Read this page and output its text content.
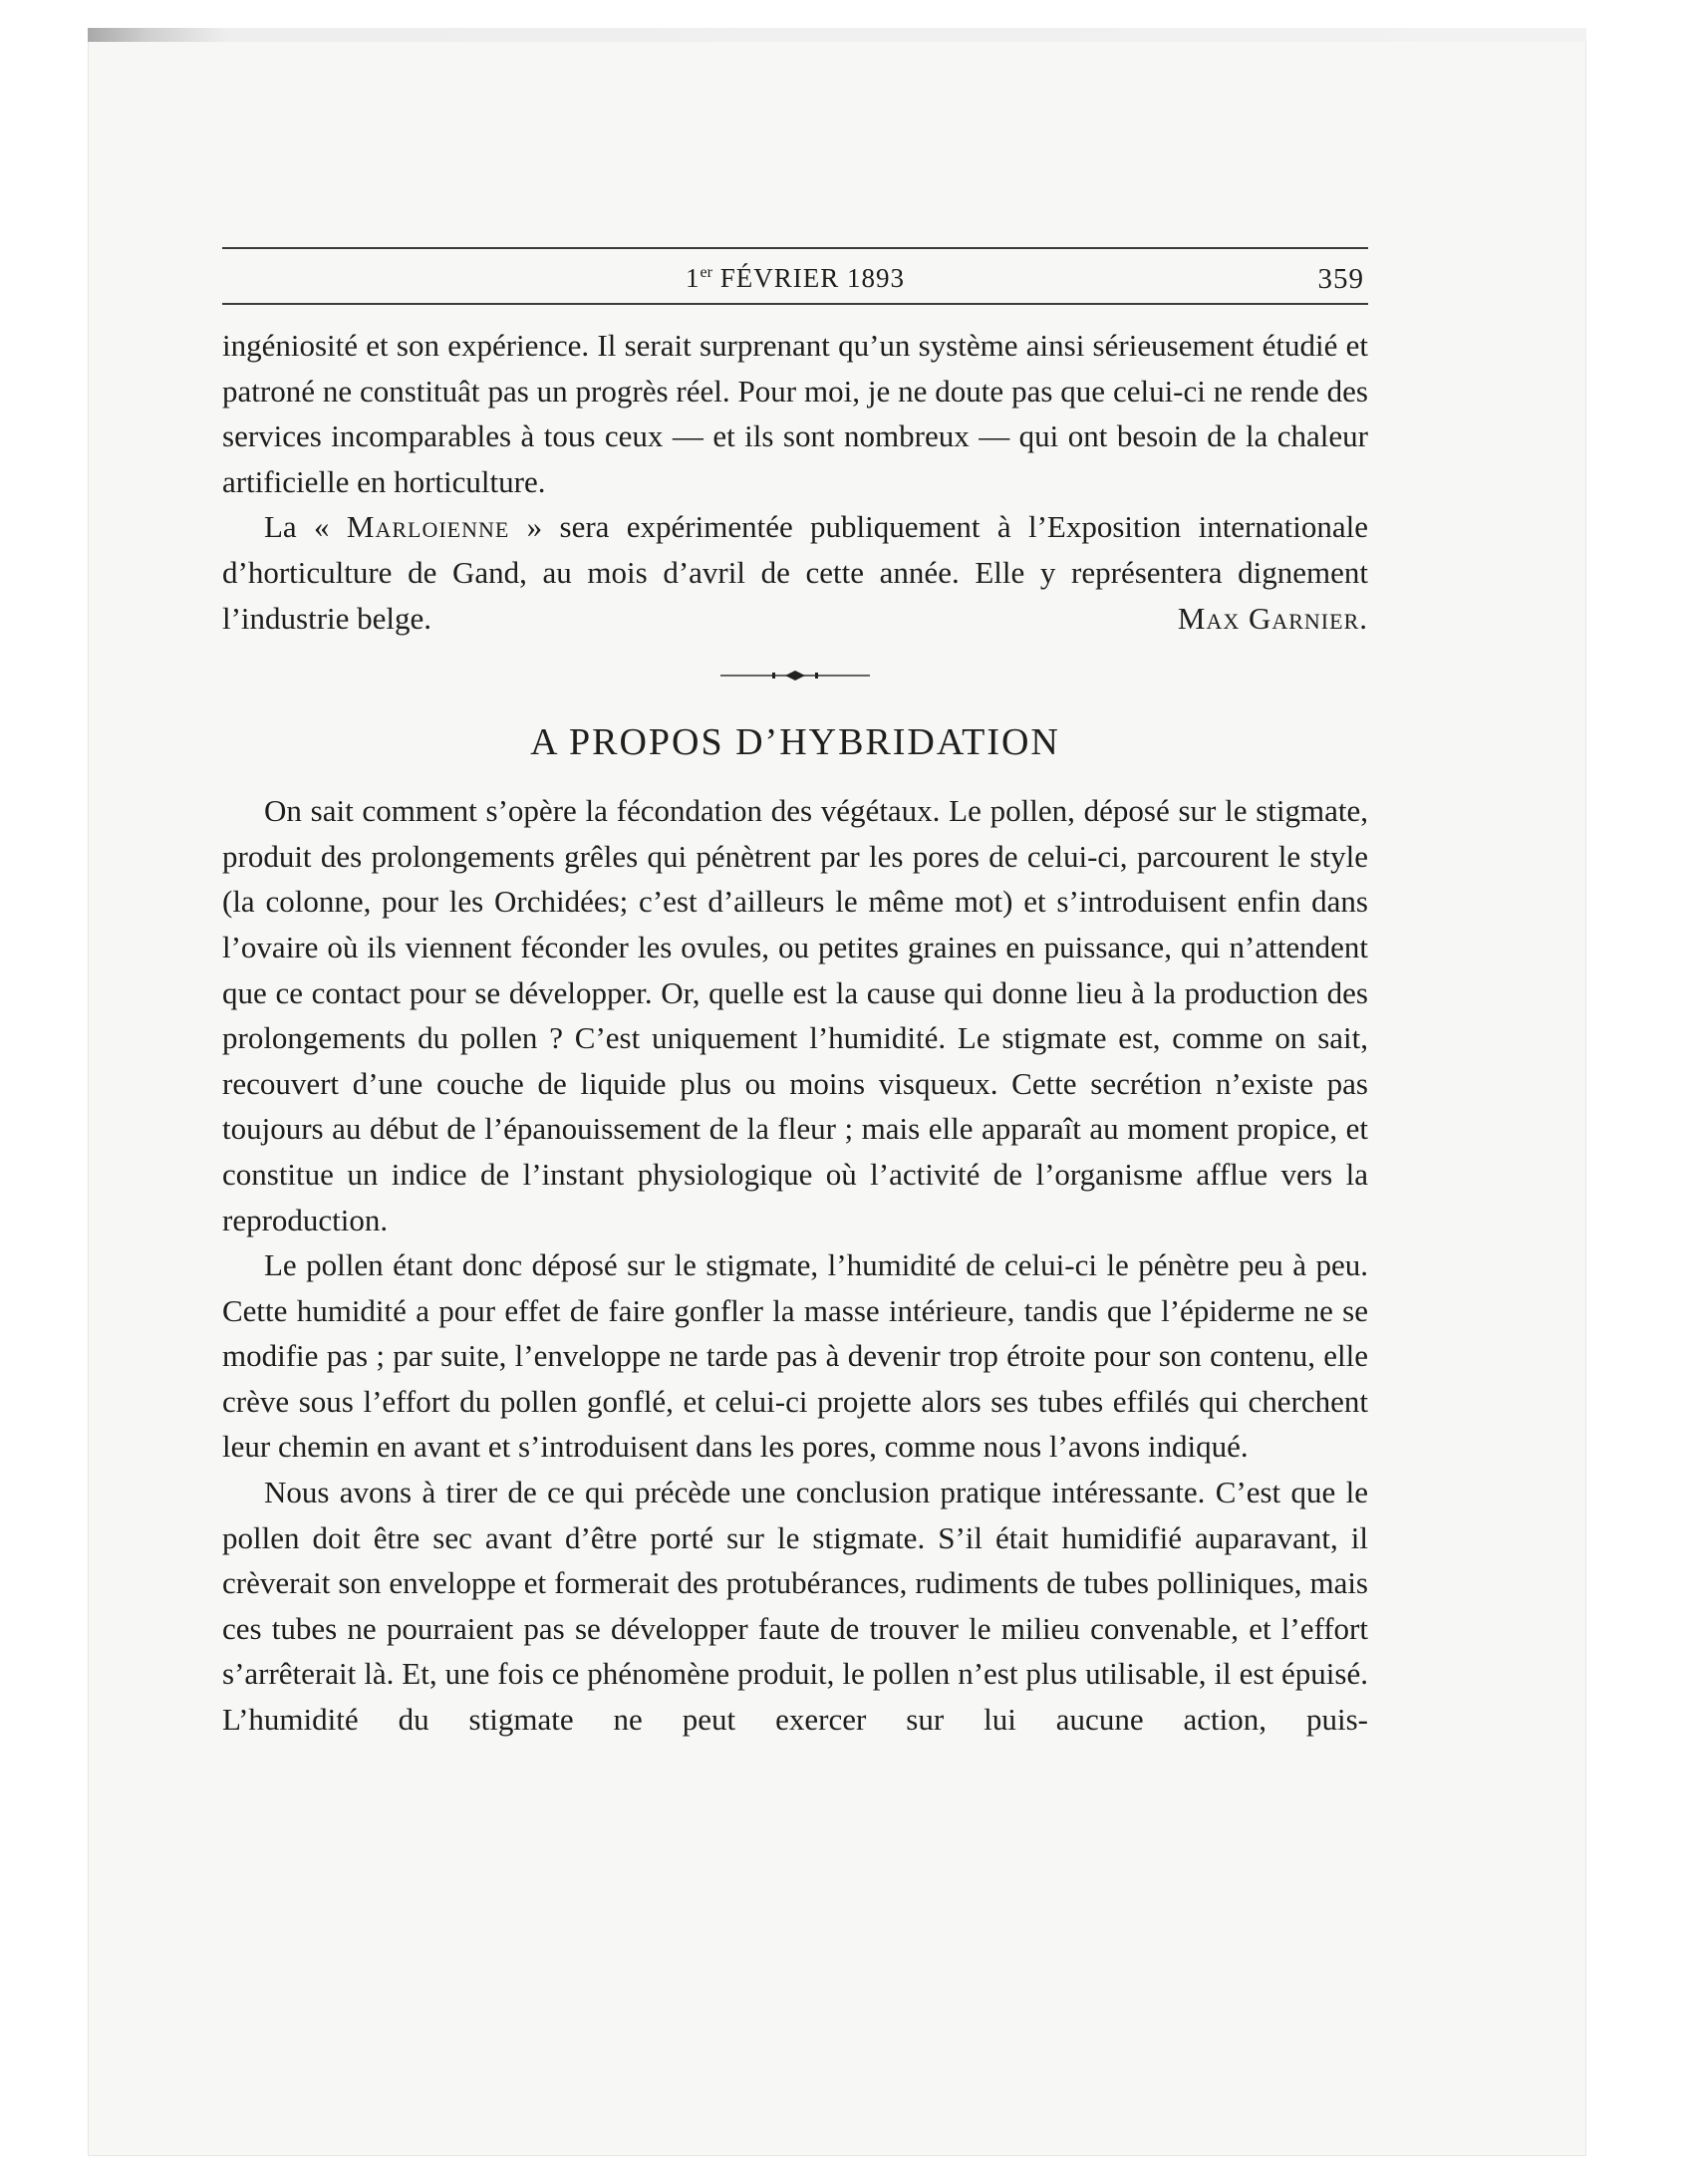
1er FÉVRIER 1893	359

ingéniosité et son expérience. Il serait surprenant qu’un système ainsi sérieusement étudié et patroné ne constituât pas un progrès réel. Pour moi, je ne doute pas que celui-ci ne rende des services incomparables à tous ceux — et ils sont nombreux — qui ont besoin de la chaleur artificielle en horticulture.

La « Marloienne » sera expérimentée publiquement à l’Exposition internationale d’horticulture de Gand, au mois d’avril de cette année. Elle y représentera dignement l’industrie belge.	Max Garnier.

A PROPOS D’HYBRIDATION

On sait comment s’opère la fécondation des végétaux. Le pollen, déposé sur le stigmate, produit des prolongements grêles qui pénètrent par les pores de celui-ci, parcourent le style (la colonne, pour les Orchidées; c’est d’ailleurs le même mot) et s’introduisent enfin dans l’ovaire où ils viennent féconder les ovules, ou petites graines en puissance, qui n’attendent que ce contact pour se développer. Or, quelle est la cause qui donne lieu à la production des prolongements du pollen ? C’est uniquement l’humidité. Le stigmate est, comme on sait, recouvert d’une couche de liquide plus ou moins visqueux. Cette secrétion n’existe pas toujours au début de l’épanouissement de la fleur ; mais elle apparaît au moment propice, et constitue un indice de l’instant physiologique où l’activité de l’organisme afflue vers la reproduction.

Le pollen étant donc déposé sur le stigmate, l’humidité de celui-ci le pénètre peu à peu. Cette humidité a pour effet de faire gonfler la masse intérieure, tandis que l’épiderme ne se modifie pas ; par suite, l’enveloppe ne tarde pas à devenir trop étroite pour son contenu, elle crève sous l’effort du pollen gonflé, et celui-ci projette alors ses tubes effilés qui cherchent leur chemin en avant et s’introduisent dans les pores, comme nous l’avons indiqué.

Nous avons à tirer de ce qui précède une conclusion pratique intéressante. C’est que le pollen doit être sec avant d’être porté sur le stigmate. S’il était humidifié auparavant, il crèverait son enveloppe et formerait des protubérances, rudiments de tubes polliniques, mais ces tubes ne pourraient pas se développer faute de trouver le milieu convenable, et l’effort s’arrêterait là. Et, une fois ce phénomène produit, le pollen n’est plus utilisable, il est épuisé. L’humidité du stigmate ne peut exercer sur lui aucune action, puis-
